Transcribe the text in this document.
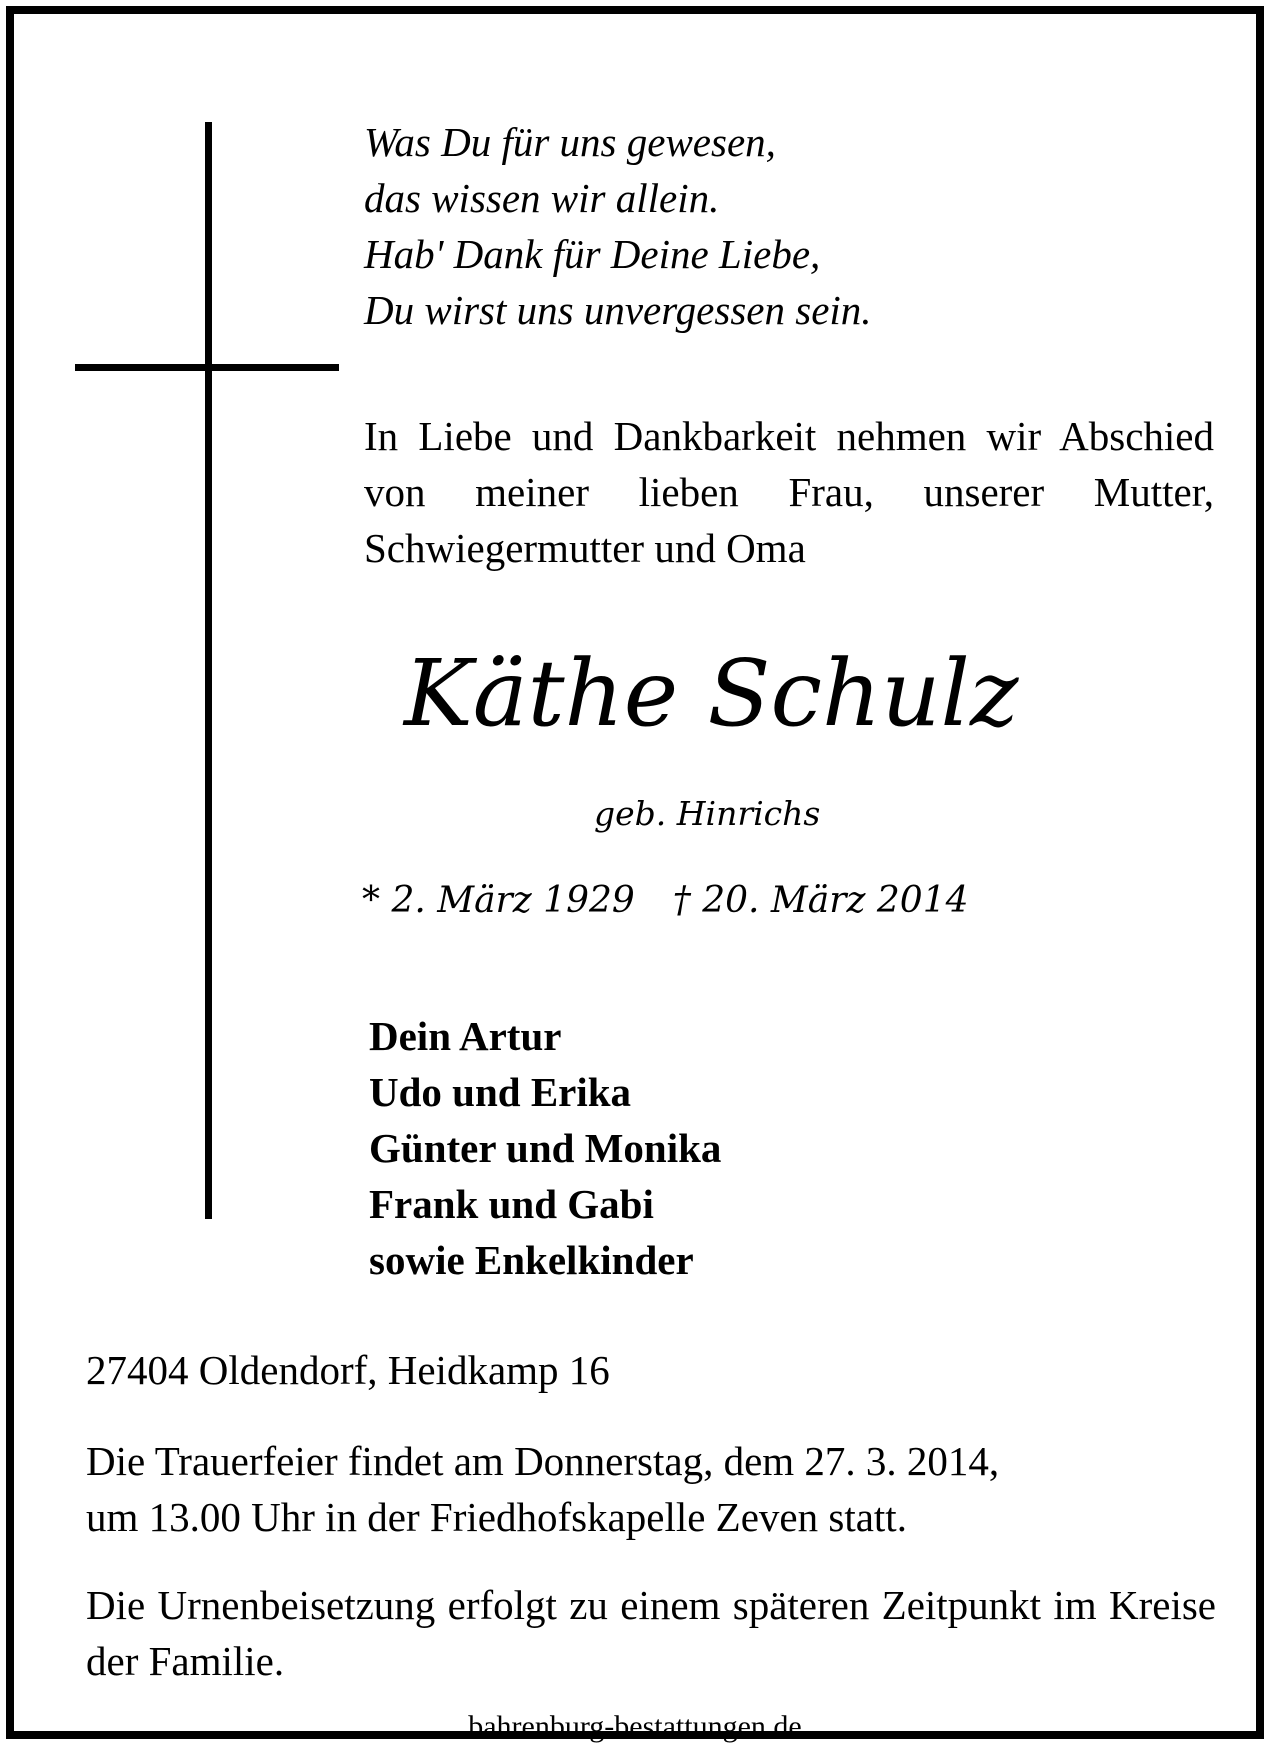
Was Du für uns gewesen,
das wissen wir allein.
Hab' Dank für Deine Liebe,
Du wirst uns unvergessen sein.
In Liebe und Dankbarkeit nehmen wir Abschied von meiner lieben Frau, unserer Mutter, Schwiegermutter und Oma
Käthe Schulz
geb. Hinrichs
* 2. März 1929 † 20. März 2014
Dein Artur
Udo und Erika
Günter und Monika
Frank und Gabi
sowie Enkelkinder
27404 Oldendorf, Heidkamp 16
Die Trauerfeier findet am Donnerstag, dem 27. 3. 2014,
um 13.00 Uhr in der Friedhofskapelle Zeven statt.
Die Urnenbeisetzung erfolgt zu einem späteren Zeitpunkt im Kreise der Familie.
bahrenburg-bestattungen.de
